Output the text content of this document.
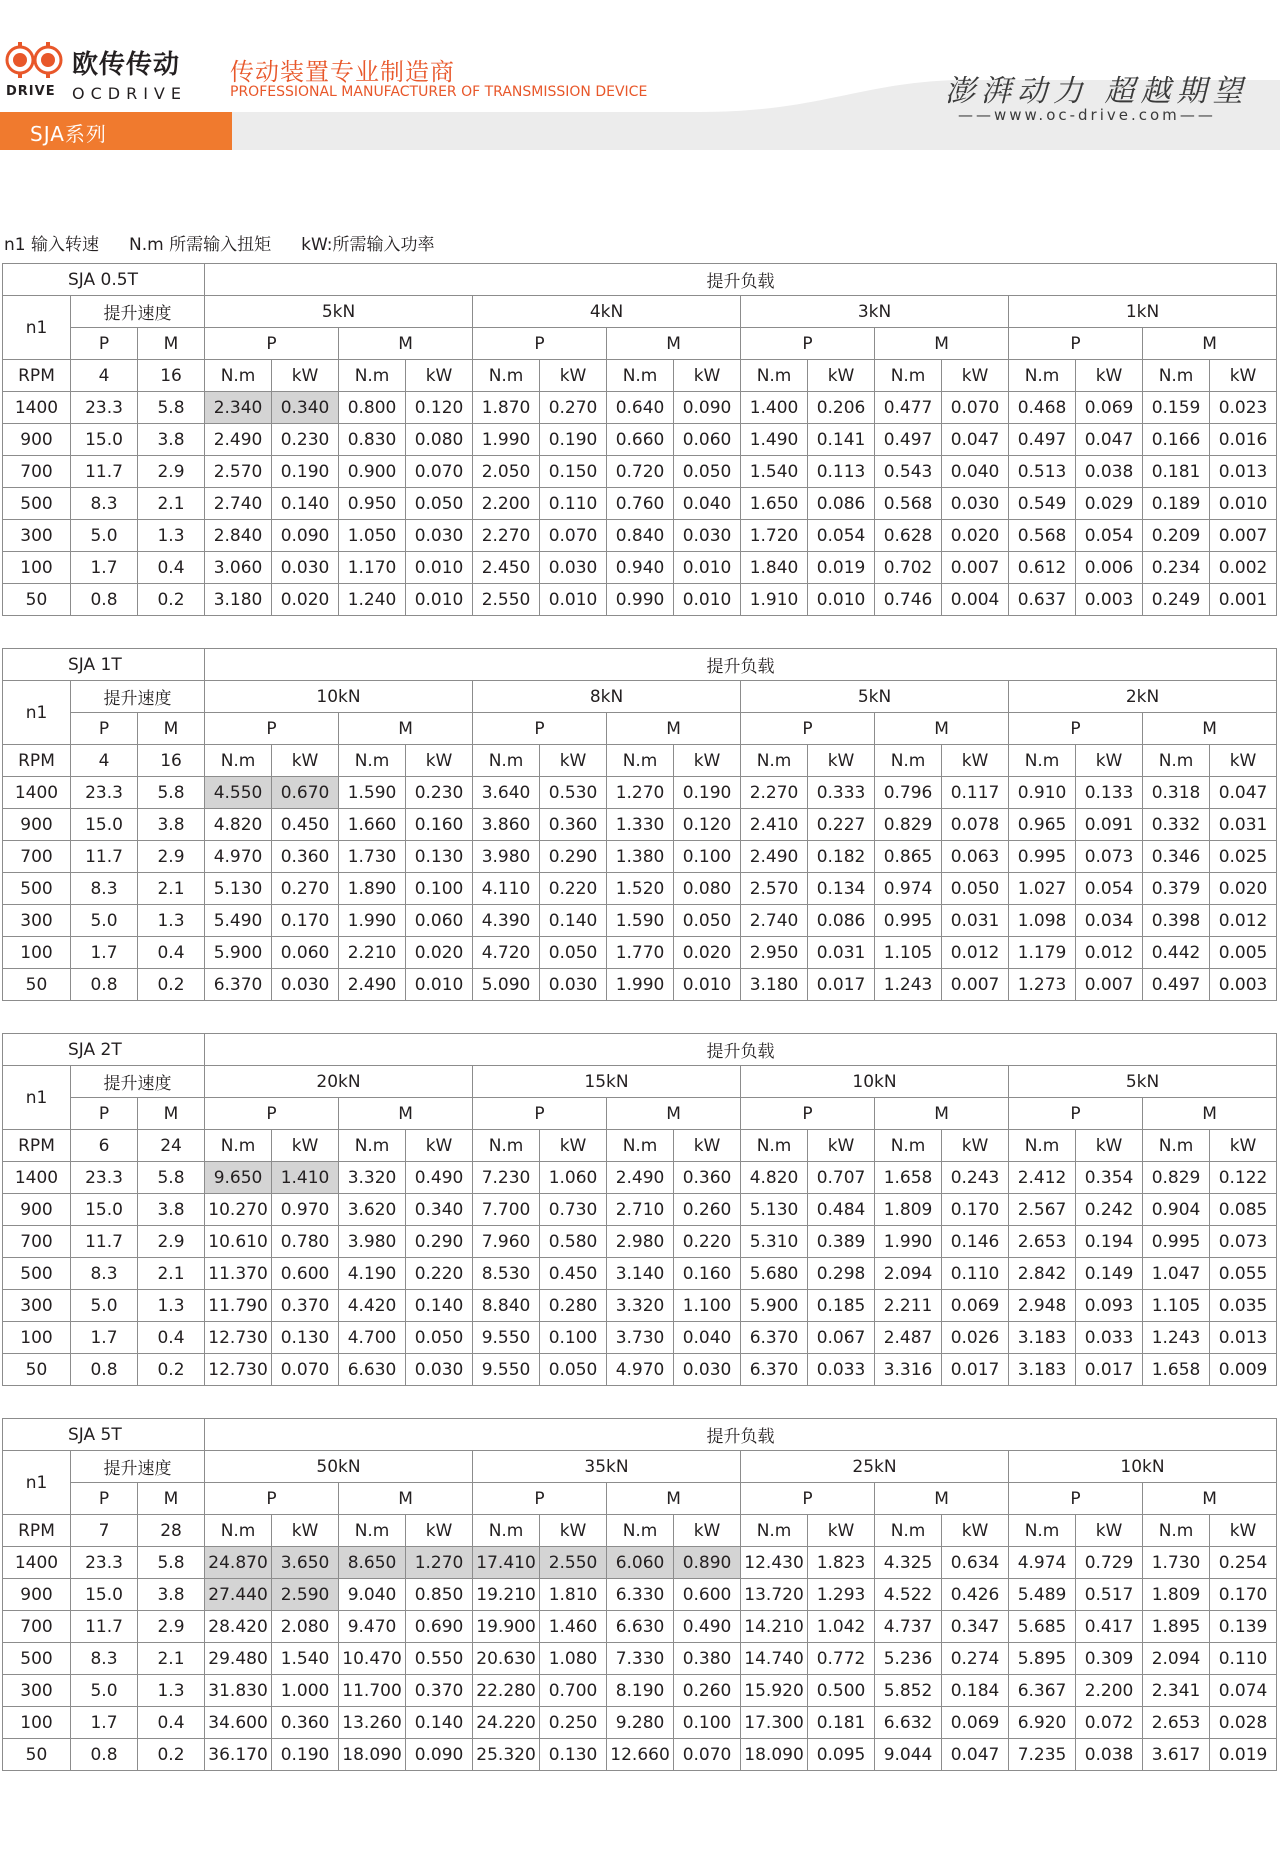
欧传传动
DRIVE OCDRIVE
传动装置专业制造商
PROFESSIONAL MANUFACTURER OF TRANSMISSION DEVICE	澎湃动力 超越期望
——www.oc-drive.com——
SJA系列
n1 输入转速 N.m 所需输入扭矩 kW:所需输入功率
SJA 0.5T			提升负载															
n1	提升速度		5kN				4kN				3kN				1kN			
	P	M	P		M		P		M		P		M		P		M	
RPM	4	16	N.m	kW	N.m	kW	N.m	kW	N.m	kW	N.m	kW	N.m	kW	N.m	kW	N.m	kW
1400	23.3	5.8	2.340	0.340	0.800	0.120	1.870	0.270	0.640	0.090	1.400	0.206	0.477	0.070	0.468	0.069	0.159	0.023
900	15.0	3.8	2.490	0.230	0.830	0.080	1.990	0.190	0.660	0.060	1.490	0.141	0.497	0.047	0.497	0.047	0.166	0.016
700	11.7	2.9	2.570	0.190	0.900	0.070	2.050	0.150	0.720	0.050	1.540	0.113	0.543	0.040	0.513	0.038	0.181	0.013
500	8.3	2.1	2.740	0.140	0.950	0.050	2.200	0.110	0.760	0.040	1.650	0.086	0.568	0.030	0.549	0.029	0.189	0.010
300	5.0	1.3	2.840	0.090	1.050	0.030	2.270	0.070	0.840	0.030	1.720	0.054	0.628	0.020	0.568	0.054	0.209	0.007
100	1.7	0.4	3.060	0.030	1.170	0.010	2.450	0.030	0.940	0.010	1.840	0.019	0.702	0.007	0.612	0.006	0.234	0.002
50	0.8	0.2	3.180	0.020	1.240	0.010	2.550	0.010	0.990	0.010	1.910	0.010	0.746	0.004	0.637	0.003	0.249	0.001
SJA 1T			提升负载															
n1	提升速度		10kN				8kN				5kN				2kN			
	P	M	P		M		P		M		P		M		P		M	
RPM	4	16	N.m	kW	N.m	kW	N.m	kW	N.m	kW	N.m	kW	N.m	kW	N.m	kW	N.m	kW
1400	23.3	5.8	4.550	0.670	1.590	0.230	3.640	0.530	1.270	0.190	2.270	0.333	0.796	0.117	0.910	0.133	0.318	0.047
900	15.0	3.8	4.820	0.450	1.660	0.160	3.860	0.360	1.330	0.120	2.410	0.227	0.829	0.078	0.965	0.091	0.332	0.031
700	11.7	2.9	4.970	0.360	1.730	0.130	3.980	0.290	1.380	0.100	2.490	0.182	0.865	0.063	0.995	0.073	0.346	0.025
500	8.3	2.1	5.130	0.270	1.890	0.100	4.110	0.220	1.520	0.080	2.570	0.134	0.974	0.050	1.027	0.054	0.379	0.020
300	5.0	1.3	5.490	0.170	1.990	0.060	4.390	0.140	1.590	0.050	2.740	0.086	0.995	0.031	1.098	0.034	0.398	0.012
100	1.7	0.4	5.900	0.060	2.210	0.020	4.720	0.050	1.770	0.020	2.950	0.031	1.105	0.012	1.179	0.012	0.442	0.005
50	0.8	0.2	6.370	0.030	2.490	0.010	5.090	0.030	1.990	0.010	3.180	0.017	1.243	0.007	1.273	0.007	0.497	0.003
SJA 2T			提升负载															
n1	提升速度		20kN				15kN				10kN				5kN			
	P	M	P		M		P		M		P		M		P		M	
RPM	6	24	N.m	kW	N.m	kW	N.m	kW	N.m	kW	N.m	kW	N.m	kW	N.m	kW	N.m	kW
1400	23.3	5.8	9.650	1.410	3.320	0.490	7.230	1.060	2.490	0.360	4.820	0.707	1.658	0.243	2.412	0.354	0.829	0.122
900	15.0	3.8	10.270	0.970	3.620	0.340	7.700	0.730	2.710	0.260	5.130	0.484	1.809	0.170	2.567	0.242	0.904	0.085
700	11.7	2.9	10.610	0.780	3.980	0.290	7.960	0.580	2.980	0.220	5.310	0.389	1.990	0.146	2.653	0.194	0.995	0.073
500	8.3	2.1	11.370	0.600	4.190	0.220	8.530	0.450	3.140	0.160	5.680	0.298	2.094	0.110	2.842	0.149	1.047	0.055
300	5.0	1.3	11.790	0.370	4.420	0.140	8.840	0.280	3.320	1.100	5.900	0.185	2.211	0.069	2.948	0.093	1.105	0.035
100	1.7	0.4	12.730	0.130	4.700	0.050	9.550	0.100	3.730	0.040	6.370	0.067	2.487	0.026	3.183	0.033	1.243	0.013
50	0.8	0.2	12.730	0.070	6.630	0.030	9.550	0.050	4.970	0.030	6.370	0.033	3.316	0.017	3.183	0.017	1.658	0.009
SJA 5T			提升负载															
n1	提升速度		50kN				35kN				25kN				10kN			
	P	M	P		M		P		M		P		M		P		M	
RPM	7	28	N.m	kW	N.m	kW	N.m	kW	N.m	kW	N.m	kW	N.m	kW	N.m	kW	N.m	kW
1400	23.3	5.8	24.870	3.650	8.650	1.270	17.410	2.550	6.060	0.890	12.430	1.823	4.325	0.634	4.974	0.729	1.730	0.254
900	15.0	3.8	27.440	2.590	9.040	0.850	19.210	1.810	6.330	0.600	13.720	1.293	4.522	0.426	5.489	0.517	1.809	0.170
700	11.7	2.9	28.420	2.080	9.470	0.690	19.900	1.460	6.630	0.490	14.210	1.042	4.737	0.347	5.685	0.417	1.895	0.139
500	8.3	2.1	29.480	1.540	10.470	0.550	20.630	1.080	7.330	0.380	14.740	0.772	5.236	0.274	5.895	0.309	2.094	0.110
300	5.0	1.3	31.830	1.000	11.700	0.370	22.280	0.700	8.190	0.260	15.920	0.500	5.852	0.184	6.367	2.200	2.341	0.074
100	1.7	0.4	34.600	0.360	13.260	0.140	24.220	0.250	9.280	0.100	17.300	0.181	6.632	0.069	6.920	0.072	2.653	0.028
50	0.8	0.2	36.170	0.190	18.090	0.090	25.320	0.130	12.660	0.070	18.090	0.095	9.044	0.047	7.235	0.038	3.617	0.019
